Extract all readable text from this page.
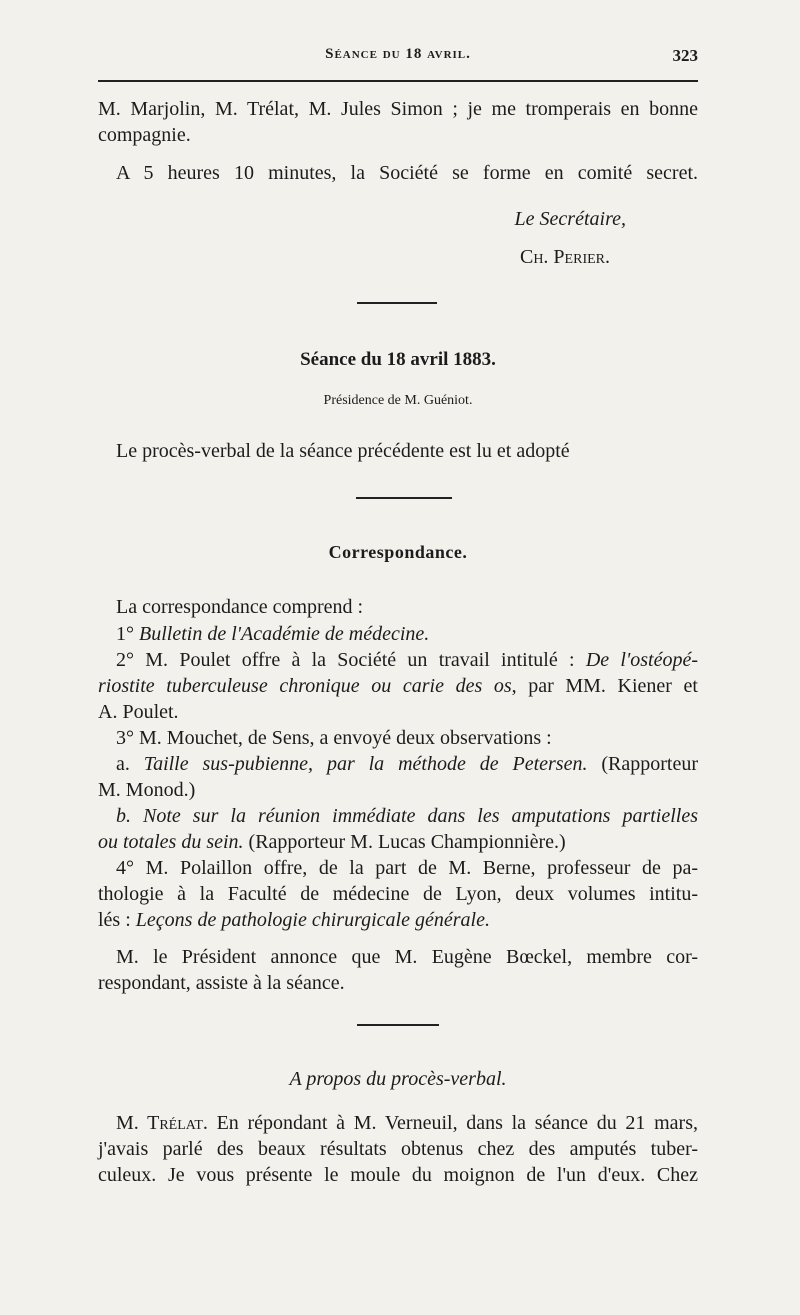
Séance du 18 avril.	323
M. Marjolin, M. Trélat, M. Jules Simon ; je me tromperais en bonne
compagnie.
A 5 heures 10 minutes, la Société se forme en comité secret.
Le Secrétaire,
Ch. Perier.
Séance du 18 avril 1883.
Présidence de M. Guéniot.
Le procès-verbal de la séance précédente est lu et adopté
Correspondance.
La correspondance comprend :
1° Bulletin de l'Académie de médecine.
2° M. Poulet offre à la Société un travail intitulé : De l'ostéopé-
riostite tuberculeuse chronique ou carie des os, par MM. Kiener et
A. Poulet.
3° M. Mouchet, de Sens, a envoyé deux observations :
a. Taille sus-pubienne, par la méthode de Petersen. (Rapporteur
M. Monod.)
b. Note sur la réunion immédiate dans les amputations partielles
ou totales du sein. (Rapporteur M. Lucas Championnière.)
4° M. Polaillon offre, de la part de M. Berne, professeur de pa-
thologie à la Faculté de médecine de Lyon, deux volumes intitu-
lés : Leçons de pathologie chirurgicale générale.
M. le Président annonce que M. Eugène Bœckel, membre cor-
respondant, assiste à la séance.
A propos du procès-verbal.
M. Trélat. En répondant à M. Verneuil, dans la séance du 21 mars,
j'avais parlé des beaux résultats obtenus chez des amputés tuber-
culeux. Je vous présente le moule du moignon de l'un d'eux. Chez
